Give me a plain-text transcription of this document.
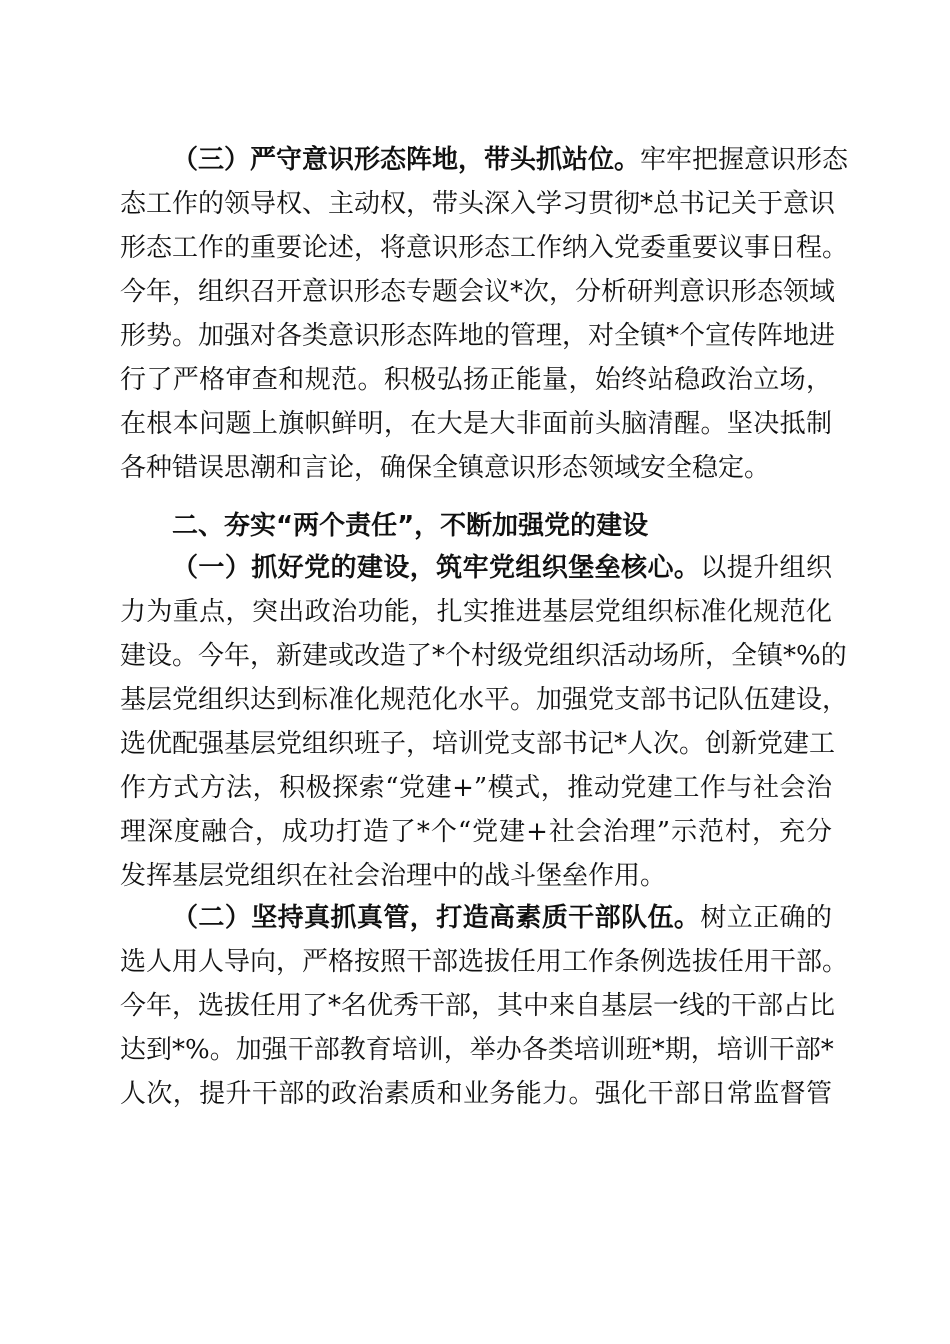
（三）严守意识形态阵地，带头抓站位。牢牢把握意识形态
态工作的领导权、主动权，带头深入学习贯彻*总书记关于意识
形态工作的重要论述，将意识形态工作纳入党委重要议事日程。
今年，组织召开意识形态专题会议*次，分析研判意识形态领域
形势。加强对各类意识形态阵地的管理，对全镇*个宣传阵地进
行了严格审查和规范。积极弘扬正能量，始终站稳政治立场，
在根本问题上旗帜鲜明，在大是大非面前头脑清醒。坚决抵制
各种错误思潮和言论，确保全镇意识形态领域安全稳定。
二、夯实“两个责任”，不断加强党的建设
（一）抓好党的建设，筑牢党组织堡垒核心。以提升组织
力为重点，突出政治功能，扎实推进基层党组织标准化规范化
建设。今年，新建或改造了*个村级党组织活动场所，全镇*%的
基层党组织达到标准化规范化水平。加强党支部书记队伍建设，
选优配强基层党组织班子，培训党支部书记*人次。创新党建工
作方式方法，积极探索“党建+”模式，推动党建工作与社会治
理深度融合，成功打造了*个“党建+社会治理”示范村，充分
发挥基层党组织在社会治理中的战斗堡垒作用。
（二）坚持真抓真管，打造高素质干部队伍。树立正确的
选人用人导向，严格按照干部选拔任用工作条例选拔任用干部。
今年，选拔任用了*名优秀干部，其中来自基层一线的干部占比
达到*%。加强干部教育培训，举办各类培训班*期，培训干部*
人次，提升干部的政治素质和业务能力。强化干部日常监督管
